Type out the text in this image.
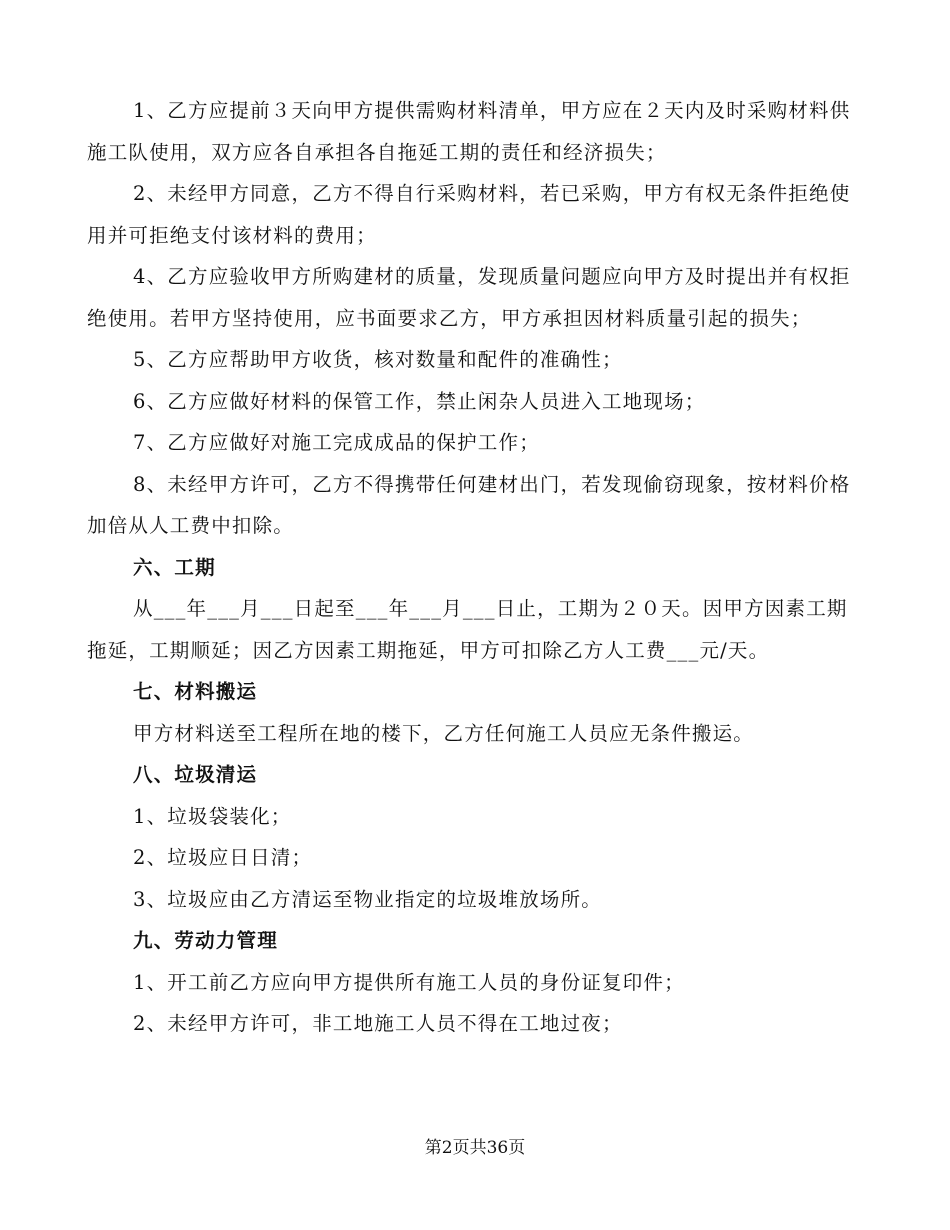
1、乙方应提前３天向甲方提供需购材料清单，甲方应在２天内及时采购材料供施工队使用，双方应各自承担各自拖延工期的责任和经济损失；

2、未经甲方同意，乙方不得自行采购材料，若已采购，甲方有权无条件拒绝使用并可拒绝支付该材料的费用；

4、乙方应验收甲方所购建材的质量，发现质量问题应向甲方及时提出并有权拒绝使用。若甲方坚持使用，应书面要求乙方，甲方承担因材料质量引起的损失；

5、乙方应帮助甲方收货，核对数量和配件的准确性；

6、乙方应做好材料的保管工作，禁止闲杂人员进入工地现场；

7、乙方应做好对施工完成成品的保护工作；

8、未经甲方许可，乙方不得携带任何建材出门，若发现偷窃现象，按材料价格加倍从人工费中扣除。

六、工期

从___年___月___日起至___年___月___日止，工期为２０天。因甲方因素工期拖延，工期顺延；因乙方因素工期拖延，甲方可扣除乙方人工费___元/天。

七、材料搬运

甲方材料送至工程所在地的楼下，乙方任何施工人员应无条件搬运。

八、垃圾清运

1、垃圾袋装化；

2、垃圾应日日清；

3、垃圾应由乙方清运至物业指定的垃圾堆放场所。

九、劳动力管理

1、开工前乙方应向甲方提供所有施工人员的身份证复印件；

2、未经甲方许可，非工地施工人员不得在工地过夜；

第2页共36页
